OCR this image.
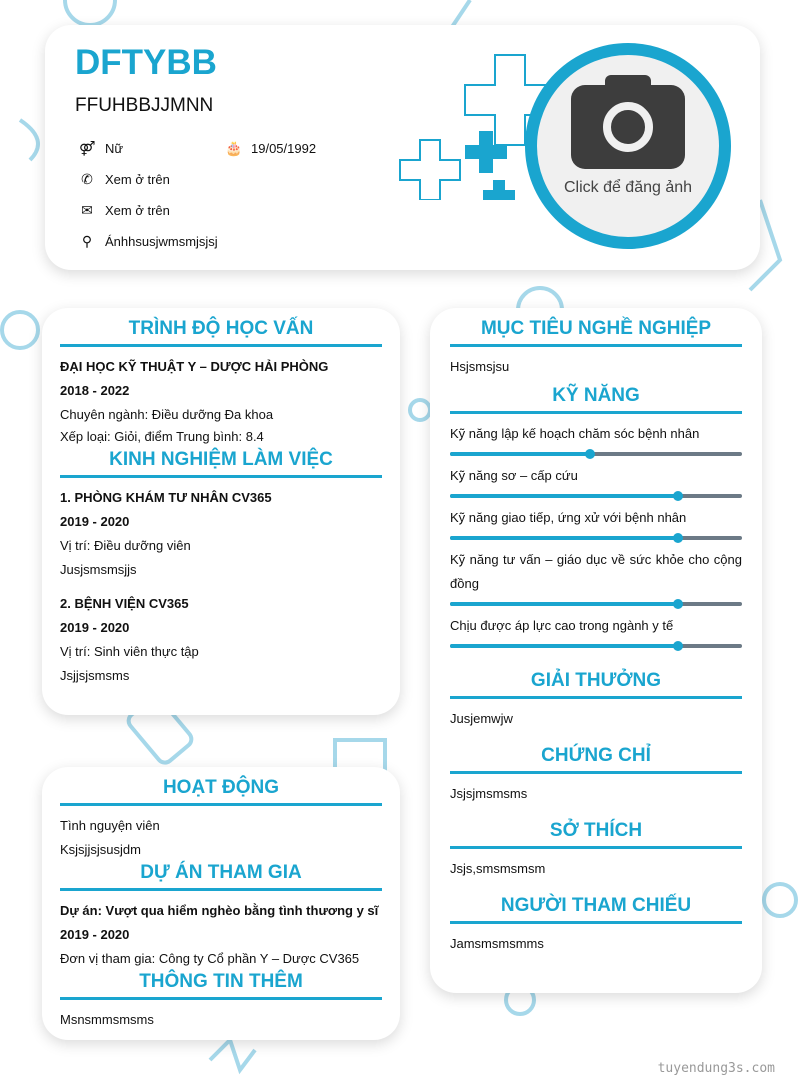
DFTYBB
FFUHBBJJMNN
⚤ Nữ	🎂 19/05/1992
✆ Xem ở trên
✉ Xem ở trên
⚲ Ánhhsusjwmsmjsjsj
Click để đăng ảnh
TRÌNH ĐỘ HỌC VẤN
ĐẠI HỌC KỸ THUẬT Y – DƯỢC HẢI PHÒNG
2018 - 2022
Chuyên ngành: Điều dưỡng Đa khoa
Xếp loại: Giỏi, điểm Trung bình: 8.4
KINH NGHIỆM LÀM VIỆC
1. PHÒNG KHÁM TƯ NHÂN CV365
2019 - 2020
Vị trí: Điều dưỡng viên
Jusjsmsmsjjs
2. BỆNH VIỆN CV365
2019 - 2020
Vị trí: Sinh viên thực tập
Jsjjsjsmsms
HOẠT ĐỘNG
Tình nguyện viên
Ksjsjjsjsusjdm
DỰ ÁN THAM GIA
Dự án: Vượt qua hiểm nghèo bằng tình thương y sĩ
2019 - 2020
Đơn vị tham gia: Công ty Cổ phần Y – Dược CV365
THÔNG TIN THÊM
Msnsmmsmsms
MỤC TIÊU NGHỀ NGHIỆP
Hsjsmsjsu
KỸ NĂNG
Kỹ năng lập kế hoạch chăm sóc bệnh nhân
Kỹ năng sơ – cấp cứu
Kỹ năng giao tiếp, ứng xử với bệnh nhân
Kỹ năng tư vấn – giáo dục về sức khỏe cho cộng đồng
Chịu được áp lực cao trong ngành y tế
GIẢI THƯỞNG
Jusjemwjw
CHỨNG CHỈ
Jsjsjmsmsms
SỞ THÍCH
Jsjs,smsmsmsm
NGƯỜI THAM CHIẾU
Jamsmsmsmms
tuyendung3s.com
